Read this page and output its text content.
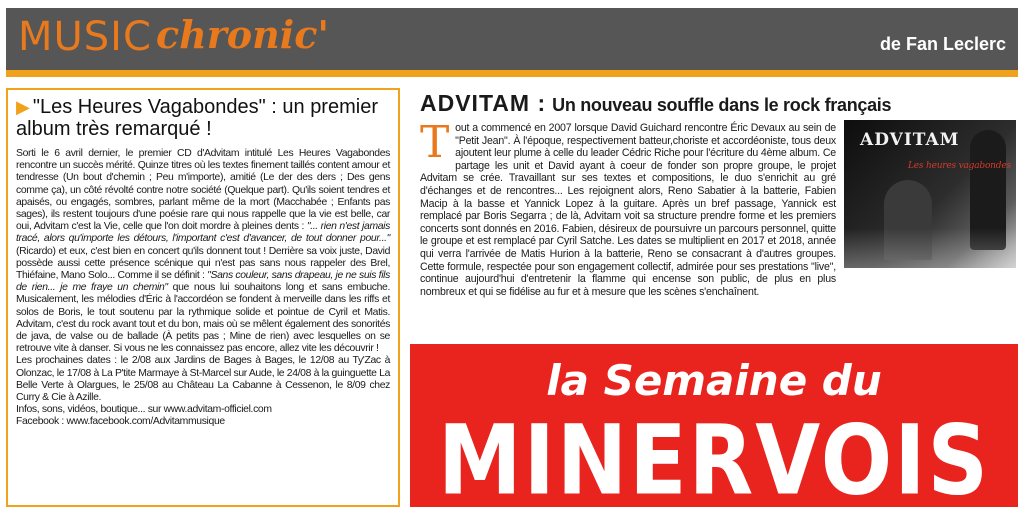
MUSIC chronic'	de Fan Leclerc
▶ "Les Heures Vagabondes" : un premier album très remarqué !

Sorti le 6 avril dernier, le premier CD d'Advitam intitulé Les Heures Vagabondes rencontre un succès mérité. Quinze titres où les textes finement taillés content amour et tendresse (Un bout d'chemin ; Peu m'importe), amitié (Le der des ders ; Des gens comme ça), un côté révolté contre notre société (Quelque part). Qu'ils soient tendres et apaisés, ou engagés, sombres, parlant même de la mort (Macchabée ; Enfants pas sages), ils restent toujours d'une poésie rare qui nous rappelle que la vie est belle, car oui, Advitam c'est la Vie, celle que l'on doit mordre à pleines dents : "... rien n'est jamais tracé, alors qu'importe les détours, l'important c'est d'avancer, de tout donner pour..." (Ricardo) et eux, c'est bien en concert qu'ils donnent tout ! Derrière sa voix juste, David possède aussi cette présence scénique qui n'est pas sans nous rappeler des Brel, Thiéfaine, Mano Solo... Comme il se définit : "Sans couleur, sans drapeau, je ne suis fils de rien... je me fraye un chemin" que nous lui souhaitons long et sans embuche. Musicalement, les mélodies d'Éric à l'accordéon se fondent à merveille dans les riffs et solos de Boris, le tout soutenu par la rythmique solide et pointue de Cyril et Matis. Advitam, c'est du rock avant tout et du bon, mais où se mêlent également des sonorités de java, de valse ou de ballade (À petits pas ; Mine de rien) avec lesquelles on se retrouve vite à danser. Si vous ne les connaissez pas encore, allez vite les découvrir !

Les prochaines dates : le 2/08 aux Jardins de Bages à Bages, le 12/08 au Ty'Zac à Olonzac, le 17/08 à La P'tite Marmaye à St-Marcel sur Aude, le 24/08 à la guinguette La Belle Verte à Olargues, le 25/08 au Château La Cabanne à Cessenon, le 8/09 chez Curry & Cie à Azille.

Infos, sons, vidéos, boutique... sur www.advitam-officiel.com

Facebook : www.facebook.com/Advitammusique

ADVITAM : Un nouveau souffle dans le rock français
ADVITAM
Les heures vagabondes
T out a commencé en 2007 lorsque David Guichard rencontre Éric Devaux au sein de "Petit Jean". À l'époque, respectivement batteur,choriste et accordéoniste, tous deux ajoutent leur plume à celle du leader Cédric Riche pour l'écriture du 4ème album. Ce partage les unit et David ayant à coeur de fonder son propre groupe, le projet Advitam se crée. Travaillant sur ses textes et compositions, le duo s'enrichit au gré d'échanges et de rencontres... Les rejoignent alors, Reno Sabatier à la batterie, Fabien Macip à la basse et Yannick Lopez à la guitare. Après un bref passage, Yannick est remplacé par Boris Segarra ; de là, Advitam voit sa structure prendre forme et les premiers concerts sont donnés en 2016. Fabien, désireux de poursuivre un parcours personnel, quitte le groupe et est remplacé par Cyril Satche. Les dates se multiplient en 2017 et 2018, année qui verra l'arrivée de Matis Hurion à la batterie, Reno se consacrant à d'autres groupes. Cette formule, respectée pour son engagement collectif, admirée pour ses prestations "live", continue aujourd'hui d'entretenir la flamme qui encense son public, de plus en plus nombreux et qui se fidélise au fur et à mesure que les scènes s'enchaînent.
la Semaine du
MINERVOIS
